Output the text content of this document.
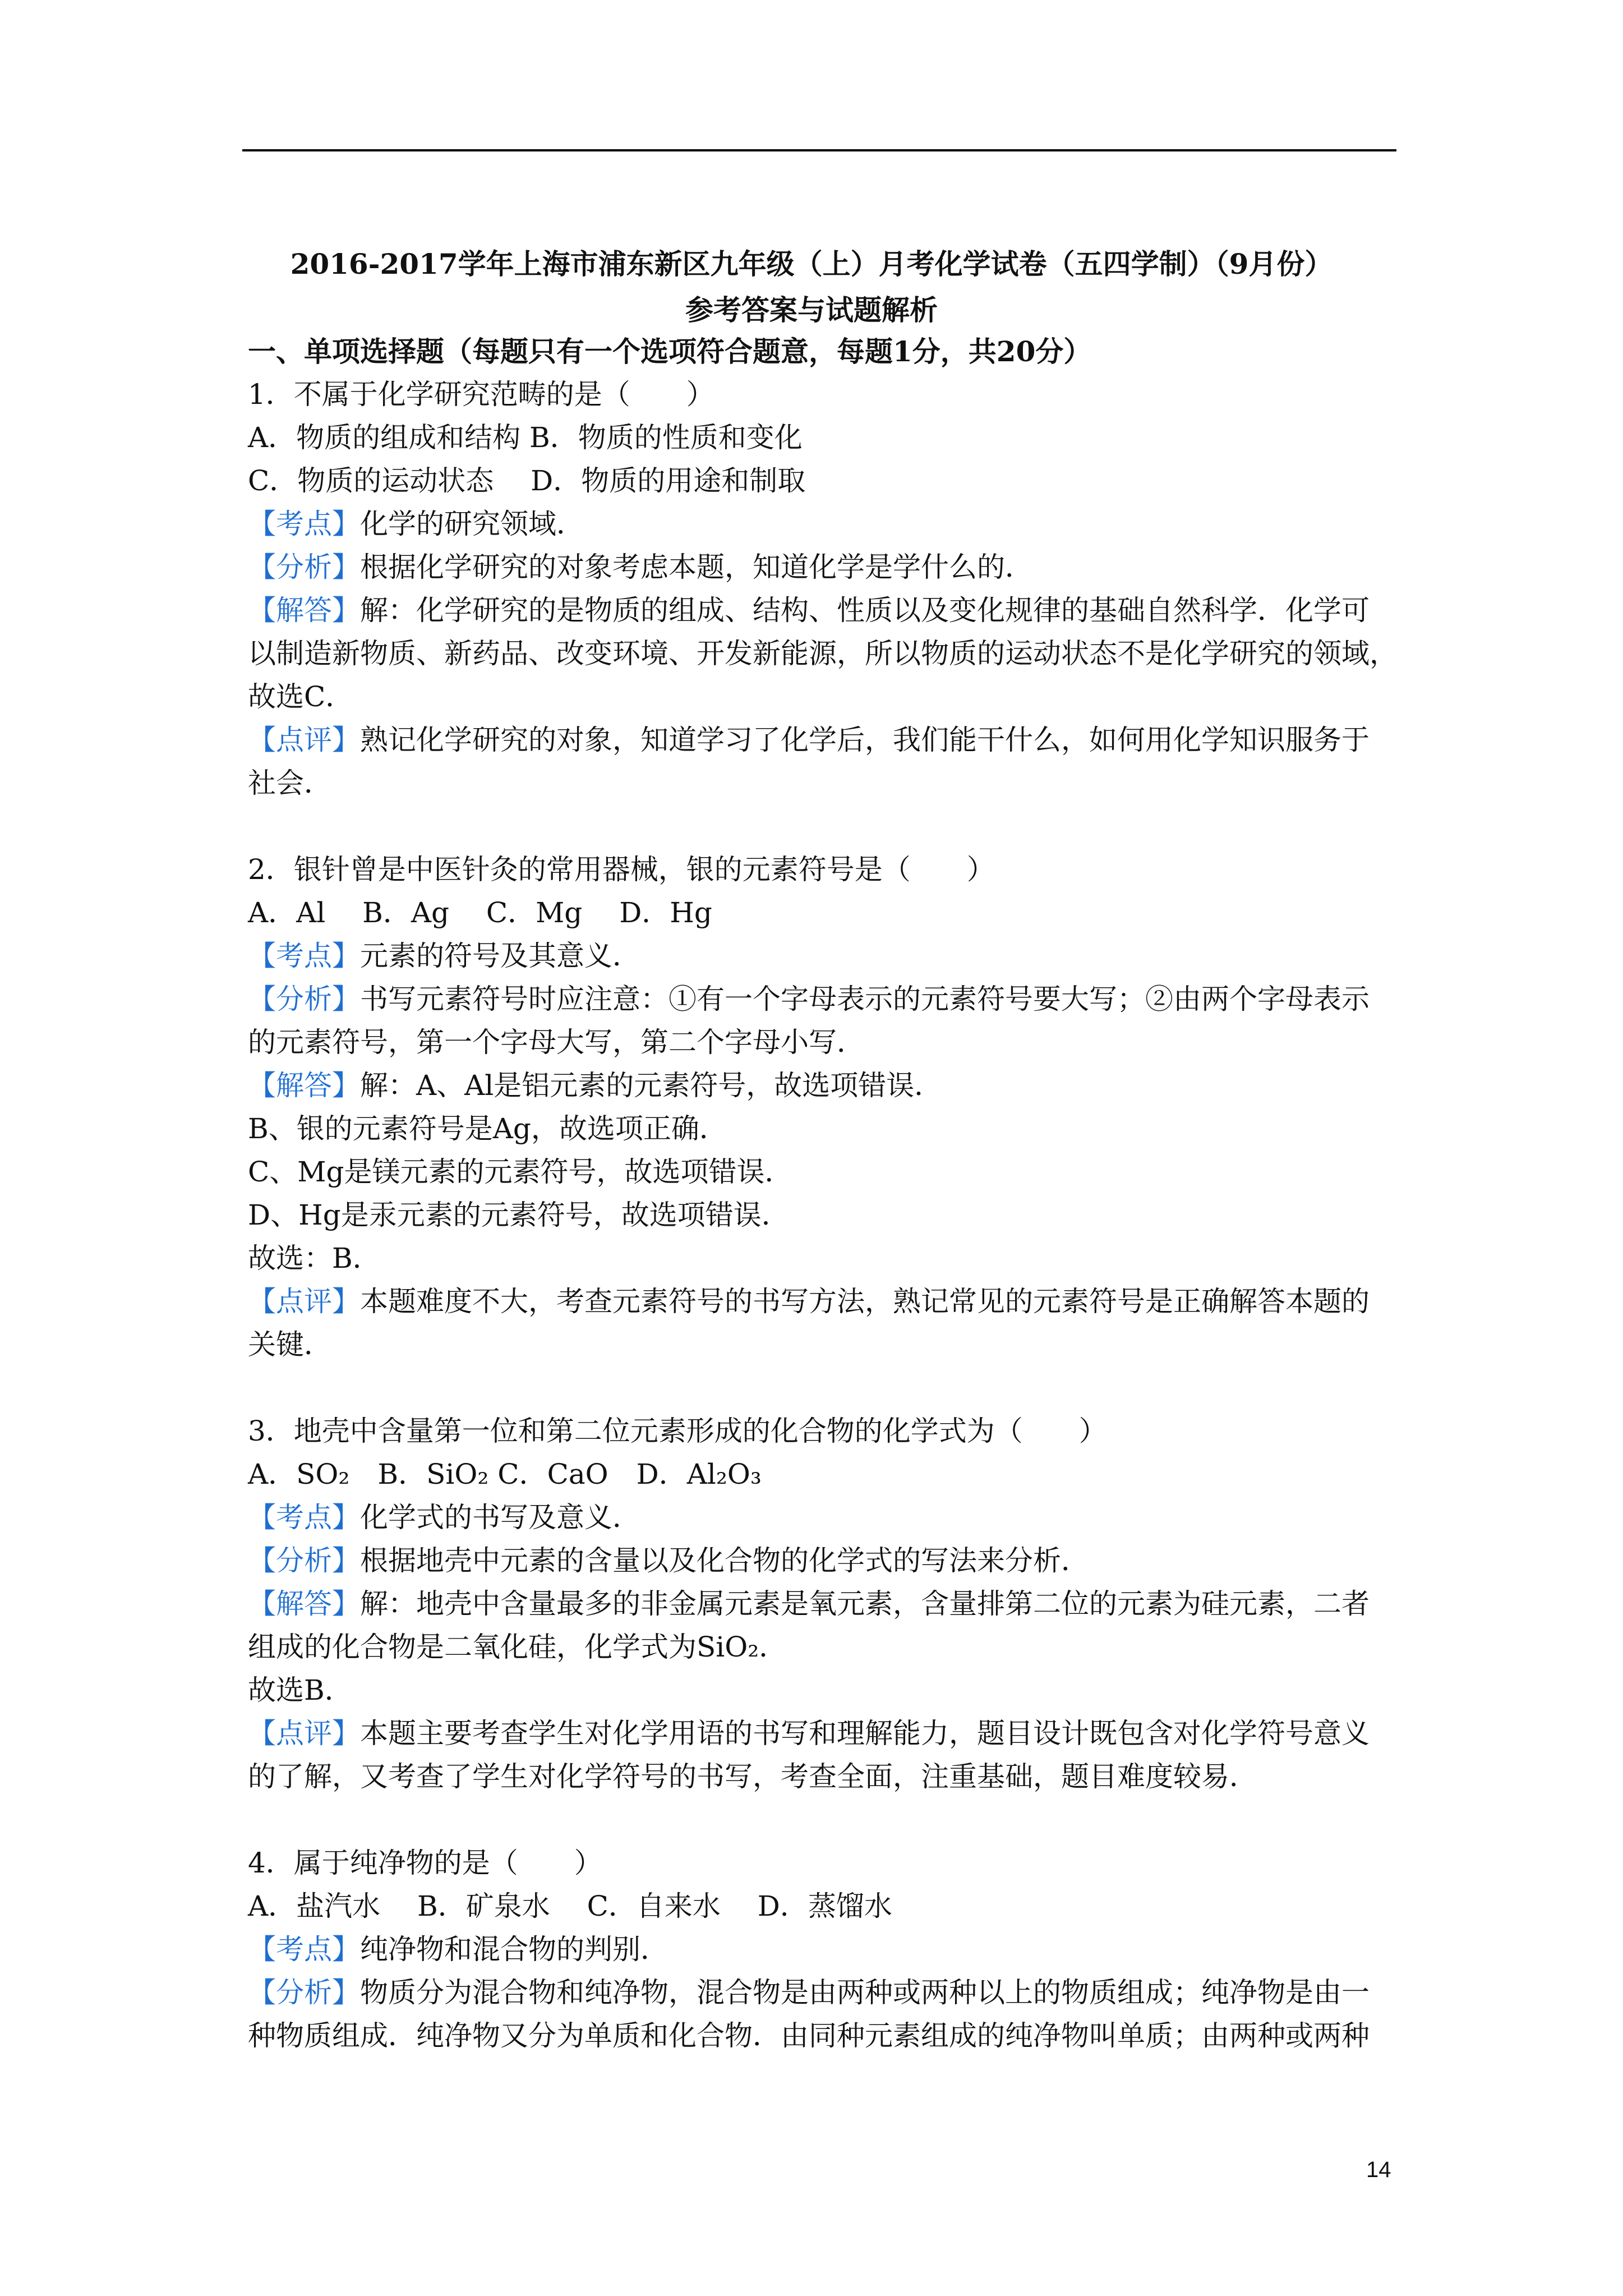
2016-2017学年上海市浦东新区九年级（上）月考化学试卷（五四学制）（9月份）
参考答案与试题解析
一、单项选择题（每题只有一个选项符合题意，每题1分，共20分）
1．不属于化学研究范畴的是（　　）
A．物质的组成和结构 B．物质的性质和变化
C．物质的运动状态　 D．物质的用途和制取
【考点】化学的研究领域．
【分析】根据化学研究的对象考虑本题，知道化学是学什么的．
【解答】解：化学研究的是物质的组成、结构、性质以及变化规律的基础自然科学．化学可
以制造新物质、新药品、改变环境、开发新能源，所以物质的运动状态不是化学研究的领域，
故选C．
【点评】熟记化学研究的对象，知道学习了化学后，我们能干什么，如何用化学知识服务于
社会．
2．银针曾是中医针灸的常用器械，银的元素符号是（　　）
A．Al　 B．Ag　 C．Mg　 D．Hg
【考点】元素的符号及其意义．
【分析】书写元素符号时应注意：①有一个字母表示的元素符号要大写；②由两个字母表示
的元素符号，第一个字母大写，第二个字母小写．
【解答】解：A、Al是铝元素的元素符号，故选项错误．
B、银的元素符号是Ag，故选项正确．
C、Mg是镁元素的元素符号，故选项错误．
D、Hg是汞元素的元素符号，故选项错误．
故选：B．
【点评】本题难度不大，考查元素符号的书写方法，熟记常见的元素符号是正确解答本题的
关键．
3．地壳中含量第一位和第二位元素形成的化合物的化学式为（　　）
A．SO₂　B．SiO₂ C．CaO　D．Al₂O₃
【考点】化学式的书写及意义．
【分析】根据地壳中元素的含量以及化合物的化学式的写法来分析．
【解答】解：地壳中含量最多的非金属元素是氧元素，含量排第二位的元素为硅元素，二者
组成的化合物是二氧化硅，化学式为SiO₂．
故选B．
【点评】本题主要考查学生对化学用语的书写和理解能力，题目设计既包含对化学符号意义
的了解，又考查了学生对化学符号的书写，考查全面，注重基础，题目难度较易．
4．属于纯净物的是（　　）
A．盐汽水　 B．矿泉水　 C．自来水　 D．蒸馏水
【考点】纯净物和混合物的判别．
【分析】物质分为混合物和纯净物，混合物是由两种或两种以上的物质组成；纯净物是由一
种物质组成．纯净物又分为单质和化合物．由同种元素组成的纯净物叫单质；由两种或两种
14
